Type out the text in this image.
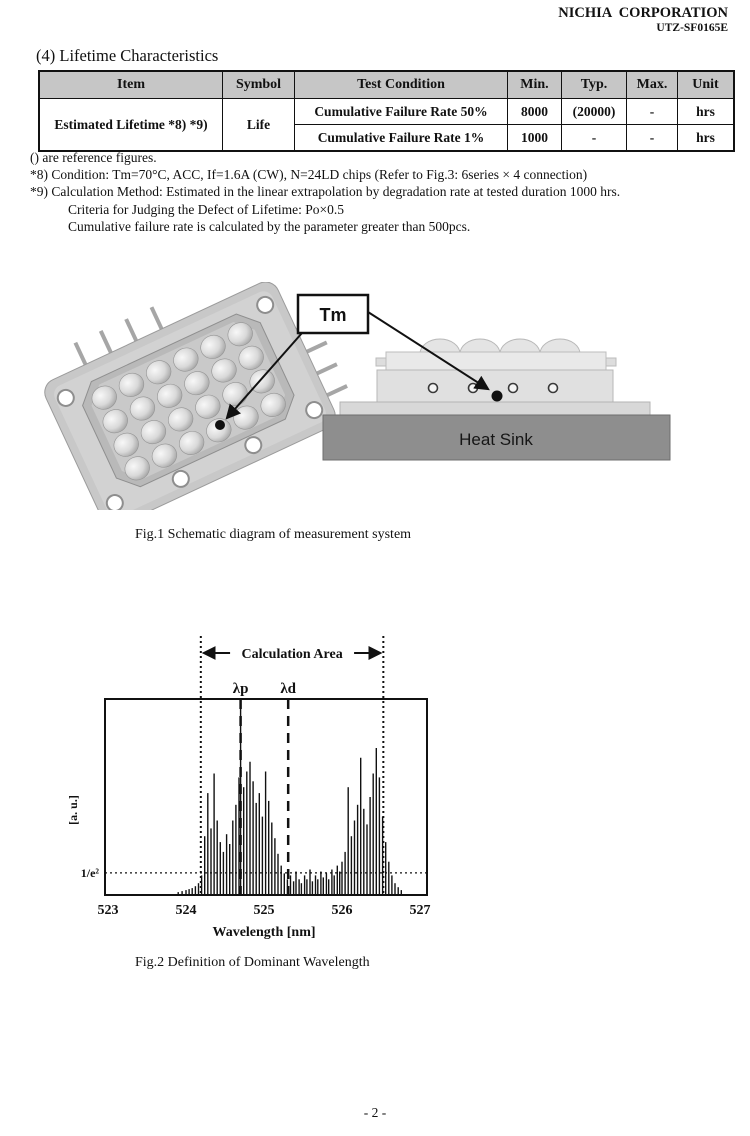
NICHIA  CORPORATION
UTZ-SF0165E
(4) Lifetime Characteristics
Item	Symbol	Test Condition	Min.	Typ.	Max.	Unit
Estimated Lifetime *8) *9)	Life	Cumulative Failure Rate 50%	8000	(20000)	-	hrs
		Cumulative Failure Rate 1%	1000	-	-	hrs
() are reference figures.
*8) Condition: Tm=70°C, ACC, If=1.6A (CW), N=24LD chips (Refer to Fig.3: 6series × 4 connection)
*9) Calculation Method: Estimated in the linear extrapolation by degradation rate at tested duration 1000 hrs.
Criteria for Judging the Defect of Lifetime: Po×0.5
Cumulative failure rate is calculated by the parameter greater than 500pcs.
Heat Sink
Tm
Fig.1 Schematic diagram of measurement system
Calculation Area
λp λd
1/e²
523	524	525	526	527
Wavelength [nm]
[a. u.]
Fig.2 Definition of Dominant Wavelength
- 2 -
